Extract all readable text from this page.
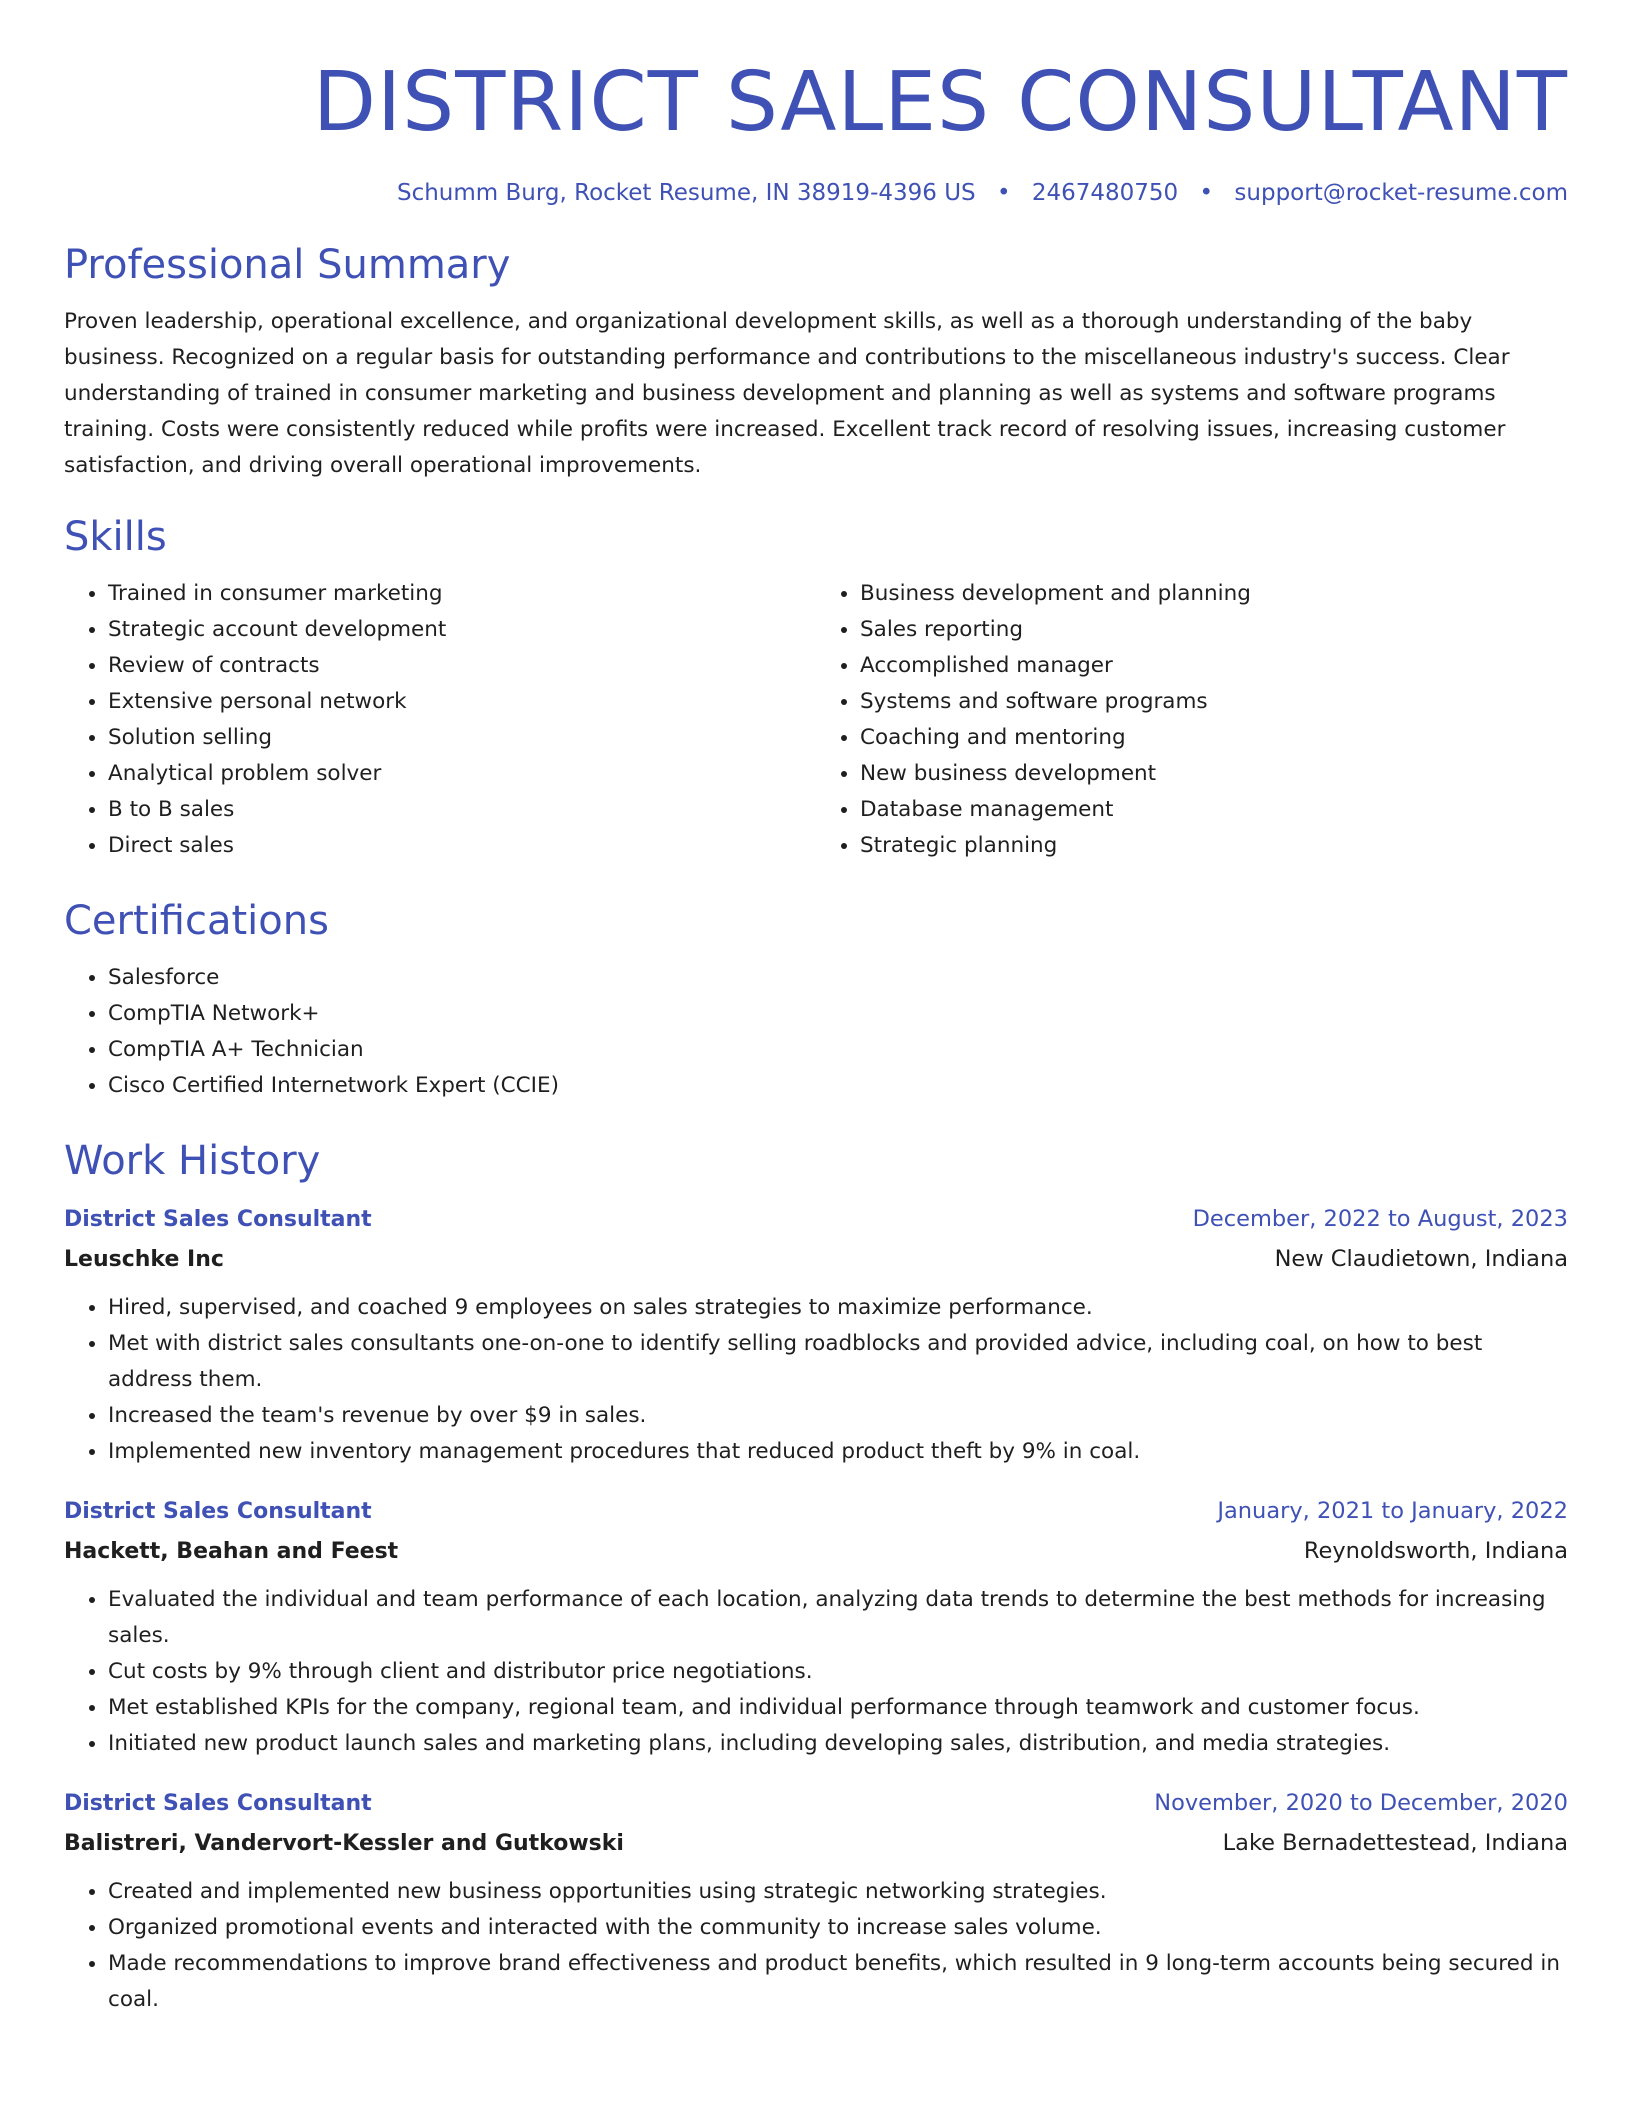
DISTRICT SALES CONSULTANT
Schumm Burg, Rocket Resume, IN 38919-4396 US • 2467480750 • support@rocket-resume.com
Professional Summary

Proven leadership, operational excellence, and organizational development skills, as well as a thorough understanding of the baby business. Recognized on a regular basis for outstanding performance and contributions to the miscellaneous industry's success. Clear understanding of trained in consumer marketing and business development and planning as well as systems and software programs training. Costs were consistently reduced while profits were increased. Excellent track record of resolving issues, increasing customer satisfaction, and driving overall operational improvements.

Skills
• Trained in consumer marketing
• Strategic account development
• Review of contracts
• Extensive personal network
• Solution selling
• Analytical problem solver
• B to B sales
• Direct sales
• Business development and planning
• Sales reporting
• Accomplished manager
• Systems and software programs
• Coaching and mentoring
• New business development
• Database management
• Strategic planning
Certifications
• Salesforce
• CompTIA Network+
• CompTIA A+ Technician
• Cisco Certified Internetwork Expert (CCIE)
Work History
District Sales Consultant	December, 2022 to August, 2023
Leuschke Inc	New Claudietown, Indiana
• Hired, supervised, and coached 9 employees on sales strategies to maximize performance.
• Met with district sales consultants one-on-one to identify selling roadblocks and provided advice, including coal, on how to best address them.
• Increased the team's revenue by over $9 in sales.
• Implemented new inventory management procedures that reduced product theft by 9% in coal.
District Sales Consultant	January, 2021 to January, 2022
Hackett, Beahan and Feest	Reynoldsworth, Indiana
• Evaluated the individual and team performance of each location, analyzing data trends to determine the best methods for increasing sales.
• Cut costs by 9% through client and distributor price negotiations.
• Met established KPIs for the company, regional team, and individual performance through teamwork and customer focus.
• Initiated new product launch sales and marketing plans, including developing sales, distribution, and media strategies.
District Sales Consultant	November, 2020 to December, 2020
Balistreri, Vandervort-Kessler and Gutkowski	Lake Bernadettestead, Indiana
• Created and implemented new business opportunities using strategic networking strategies.
• Organized promotional events and interacted with the community to increase sales volume.
• Made recommendations to improve brand effectiveness and product benefits, which resulted in 9 long-term accounts being secured in coal.
